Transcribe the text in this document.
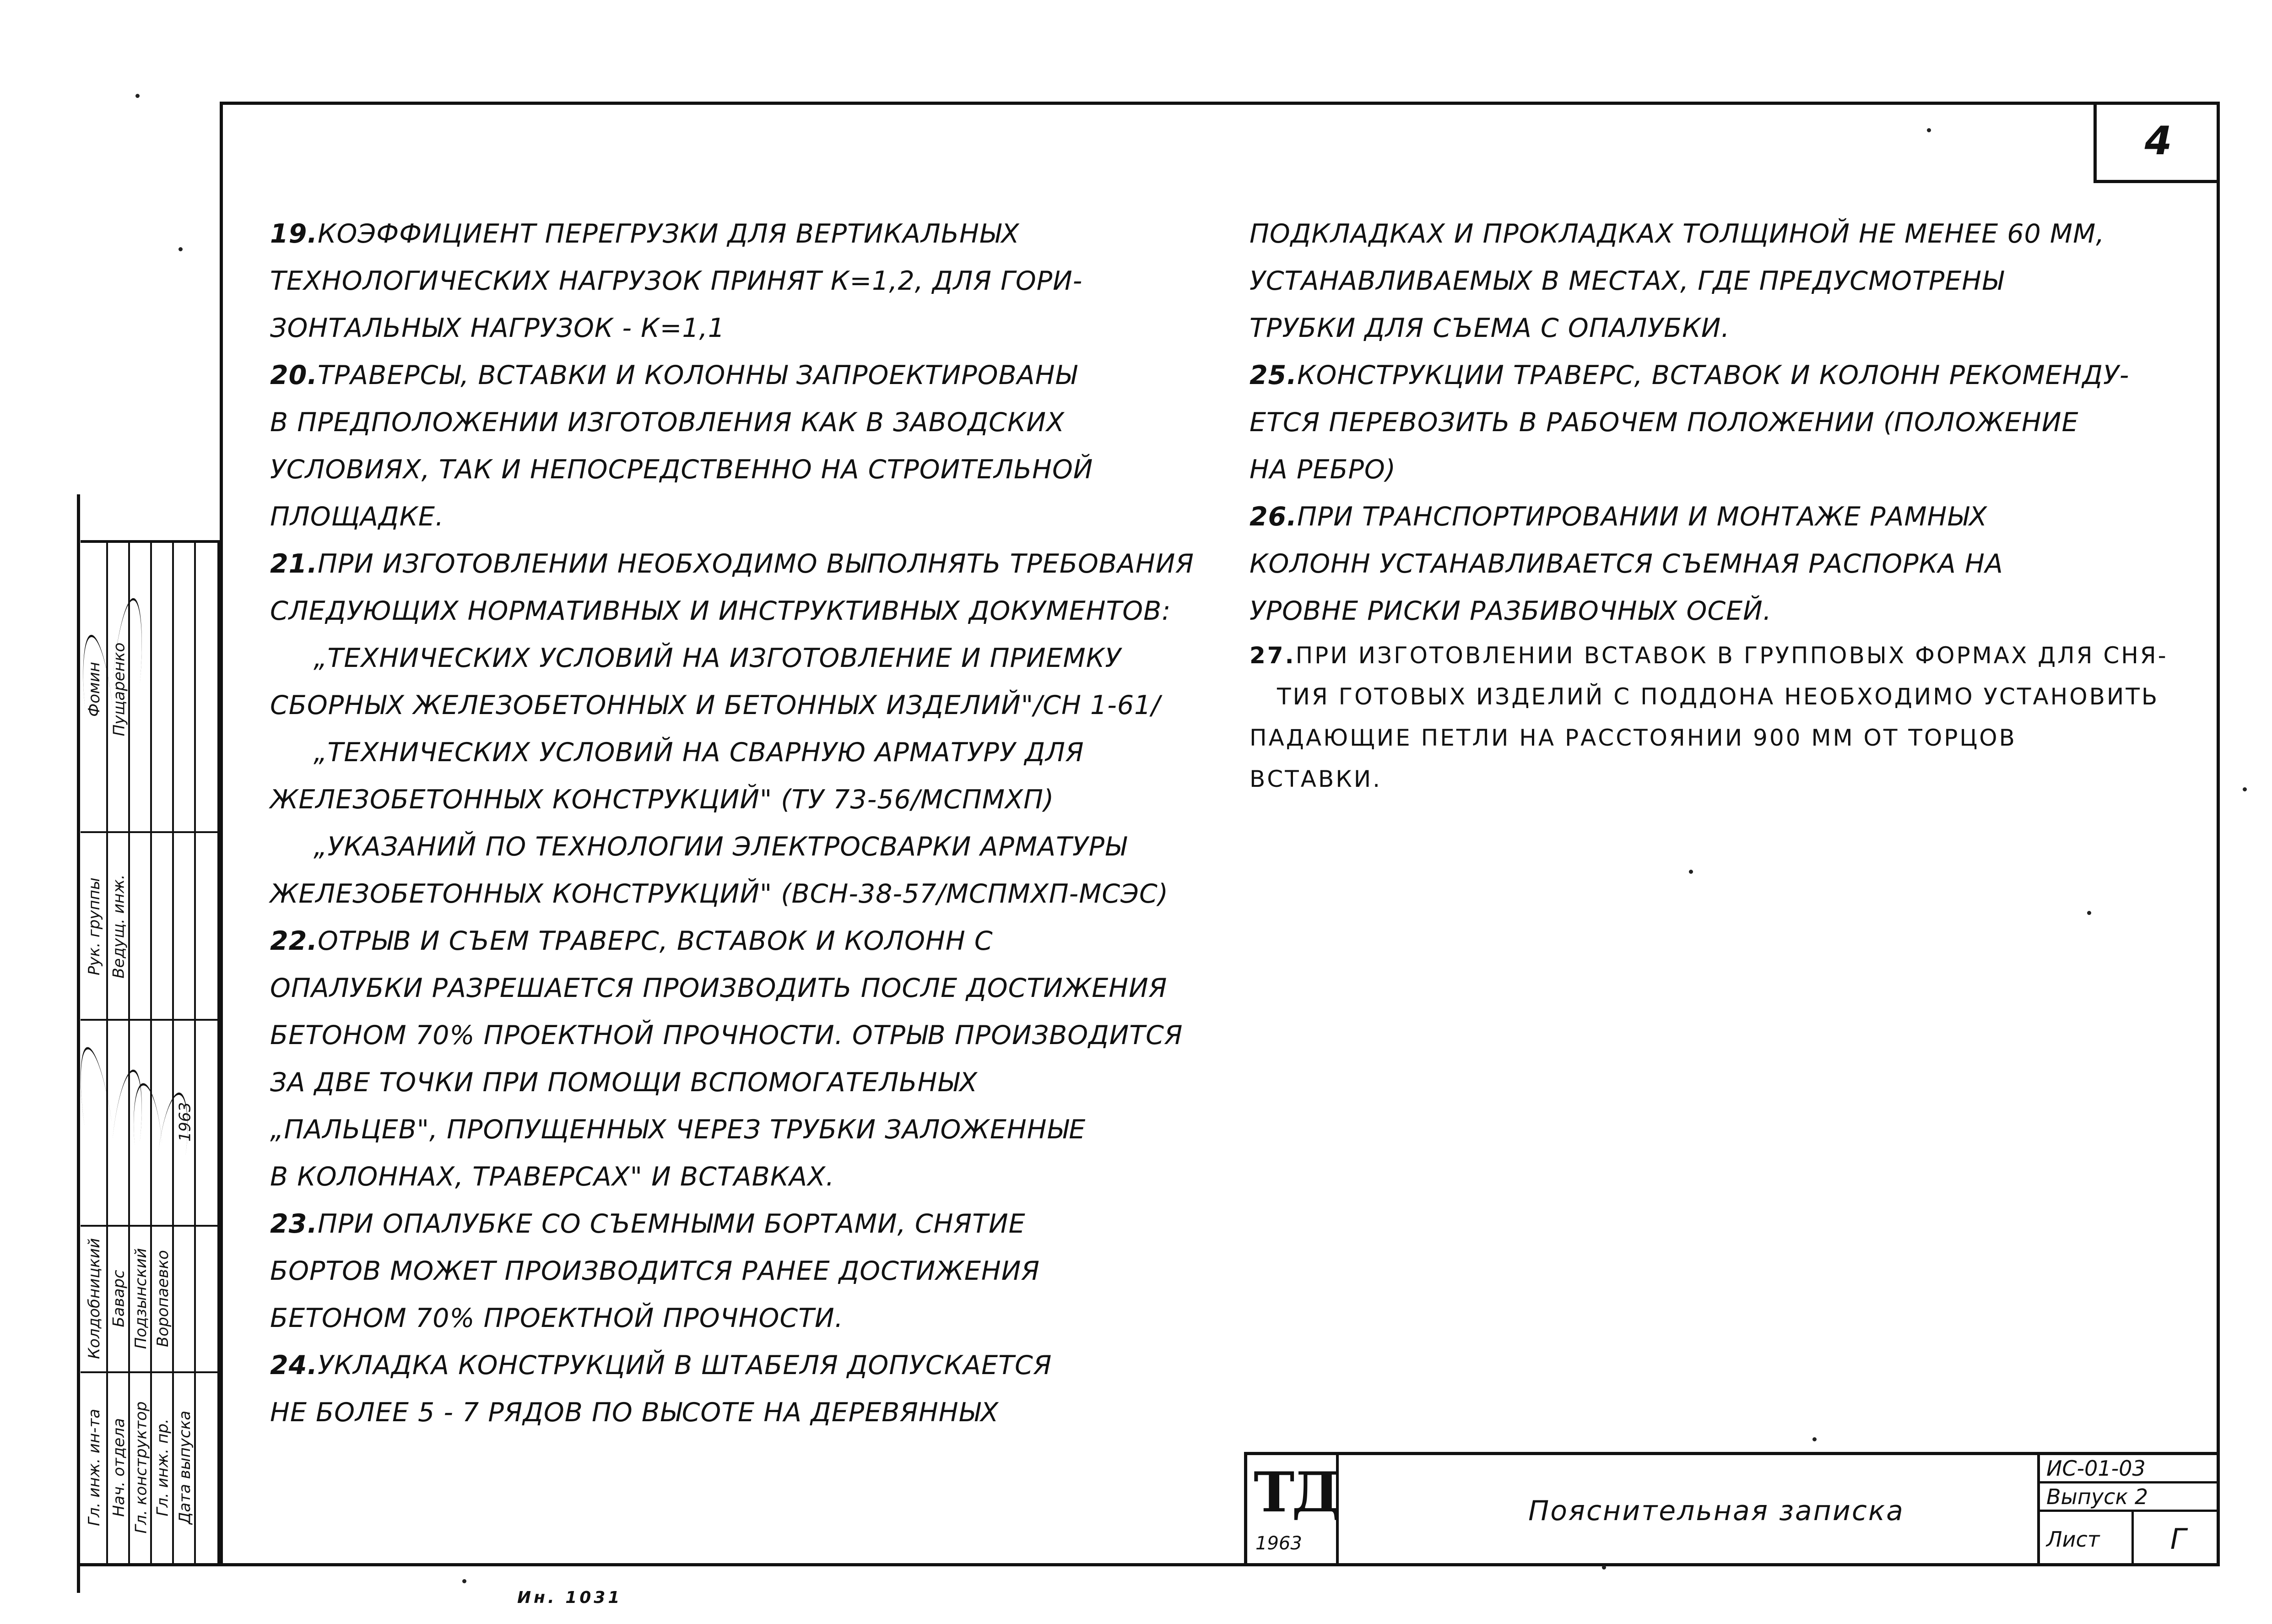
4
Гл. инж. ин-та Нач. отдела Гл. конструктор Гл. инж. пр. Дата выпуска
Колдобницкий Баварс Подзынский Воропаевко
1963
Рук. группы Ведущ. инж.
Фомин Пущаренко
19.КОЭФФИЦИЕНТ ПЕРЕГРУЗКИ ДЛЯ ВЕРТИКАЛЬНЫХ
ТЕХНОЛОГИЧЕСКИХ НАГРУЗОК ПРИНЯТ К=1,2, ДЛЯ ГОРИ-
ЗОНТАЛЬНЫХ НАГРУЗОК - К=1,1
20.ТРАВЕРСЫ, ВСТАВКИ И КОЛОННЫ ЗАПРОЕКТИРОВАНЫ
В ПРЕДПОЛОЖЕНИИ ИЗГОТОВЛЕНИЯ КАК В ЗАВОДСКИХ
УСЛОВИЯХ, ТАК И НЕПОСРЕДСТВЕННО НА СТРОИТЕЛЬНОЙ
ПЛОЩАДКЕ.
21.ПРИ ИЗГОТОВЛЕНИИ НЕОБХОДИМО ВЫПОЛНЯТЬ ТРЕБОВАНИЯ
СЛЕДУЮЩИХ НОРМАТИВНЫХ И ИНСТРУКТИВНЫХ ДОКУМЕНТОВ:
„ТЕХНИЧЕСКИХ УСЛОВИЙ НА ИЗГОТОВЛЕНИЕ И ПРИЕМКУ
СБОРНЫХ ЖЕЛЕЗОБЕТОННЫХ И БЕТОННЫХ ИЗДЕЛИЙ"/СН 1-61/
„ТЕХНИЧЕСКИХ УСЛОВИЙ НА СВАРНУЮ АРМАТУРУ ДЛЯ
ЖЕЛЕЗОБЕТОННЫХ КОНСТРУКЦИЙ" (ТУ 73-56/МСПМХП)
„УКАЗАНИЙ ПО ТЕХНОЛОГИИ ЭЛЕКТРОСВАРКИ АРМАТУРЫ
ЖЕЛЕЗОБЕТОННЫХ КОНСТРУКЦИЙ" (ВСН-38-57/МСПМХП-МСЭС)
22.ОТРЫВ И СЪЕМ ТРАВЕРС, ВСТАВОК И КОЛОНН С
ОПАЛУБКИ РАЗРЕШАЕТСЯ ПРОИЗВОДИТЬ ПОСЛЕ ДОСТИЖЕНИЯ
БЕТОНОМ 70% ПРОЕКТНОЙ ПРОЧНОСТИ. ОТРЫВ ПРОИЗВОДИТСЯ
ЗА ДВЕ ТОЧКИ ПРИ ПОМОЩИ ВСПОМОГАТЕЛЬНЫХ
„ПАЛЬЦЕВ", ПРОПУЩЕННЫХ ЧЕРЕЗ ТРУБКИ ЗАЛОЖЕННЫЕ
В КОЛОННАХ, ТРАВЕРСАХ" И ВСТАВКАХ.
23.ПРИ ОПАЛУБКЕ СО СЪЕМНЫМИ БОРТАМИ, СНЯТИЕ
БОРТОВ МОЖЕТ ПРОИЗВОДИТСЯ РАНЕЕ ДОСТИЖЕНИЯ
БЕТОНОМ 70% ПРОЕКТНОЙ ПРОЧНОСТИ.
24.УКЛАДКА КОНСТРУКЦИЙ В ШТАБЕЛЯ ДОПУСКАЕТСЯ
НЕ БОЛЕЕ 5 - 7 РЯДОВ ПО ВЫСОТЕ НА ДЕРЕВЯННЫХ
ПОДКЛАДКАХ И ПРОКЛАДКАХ ТОЛЩИНОЙ НЕ МЕНЕЕ 60 ММ,
УСТАНАВЛИВАЕМЫХ В МЕСТАХ, ГДЕ ПРЕДУСМОТРЕНЫ
ТРУБКИ ДЛЯ СЪЕМА С ОПАЛУБКИ.
25.КОНСТРУКЦИИ ТРАВЕРС, ВСТАВОК И КОЛОНН РЕКОМЕНДУ-
ЕТСЯ ПЕРЕВОЗИТЬ В РАБОЧЕМ ПОЛОЖЕНИИ (ПОЛОЖЕНИЕ
НА РЕБРО)
26.ПРИ ТРАНСПОРТИРОВАНИИ И МОНТАЖЕ РАМНЫХ
КОЛОНН УСТАНАВЛИВАЕТСЯ СЪЕМНАЯ РАСПОРКА НА
УРОВНЕ РИСКИ РАЗБИВОЧНЫХ ОСЕЙ.
27.ПРИ ИЗГОТОВЛЕНИИ ВСТАВОК В ГРУППОВЫХ ФОРМАХ ДЛЯ СНЯ-
ТИЯ ГОТОВЫХ ИЗДЕЛИЙ С ПОДДОНА НЕОБХОДИМО УСТАНОВИТЬ
ПАДАЮЩИЕ ПЕТЛИ НА РАССТОЯНИИ 900 ММ ОТ ТОРЦОВ
ВСТАВКИ.
ТД
1963
Пояснительная записка
ИС-01-03
Выпуск 2
Лист	Г
Ин. 1031
